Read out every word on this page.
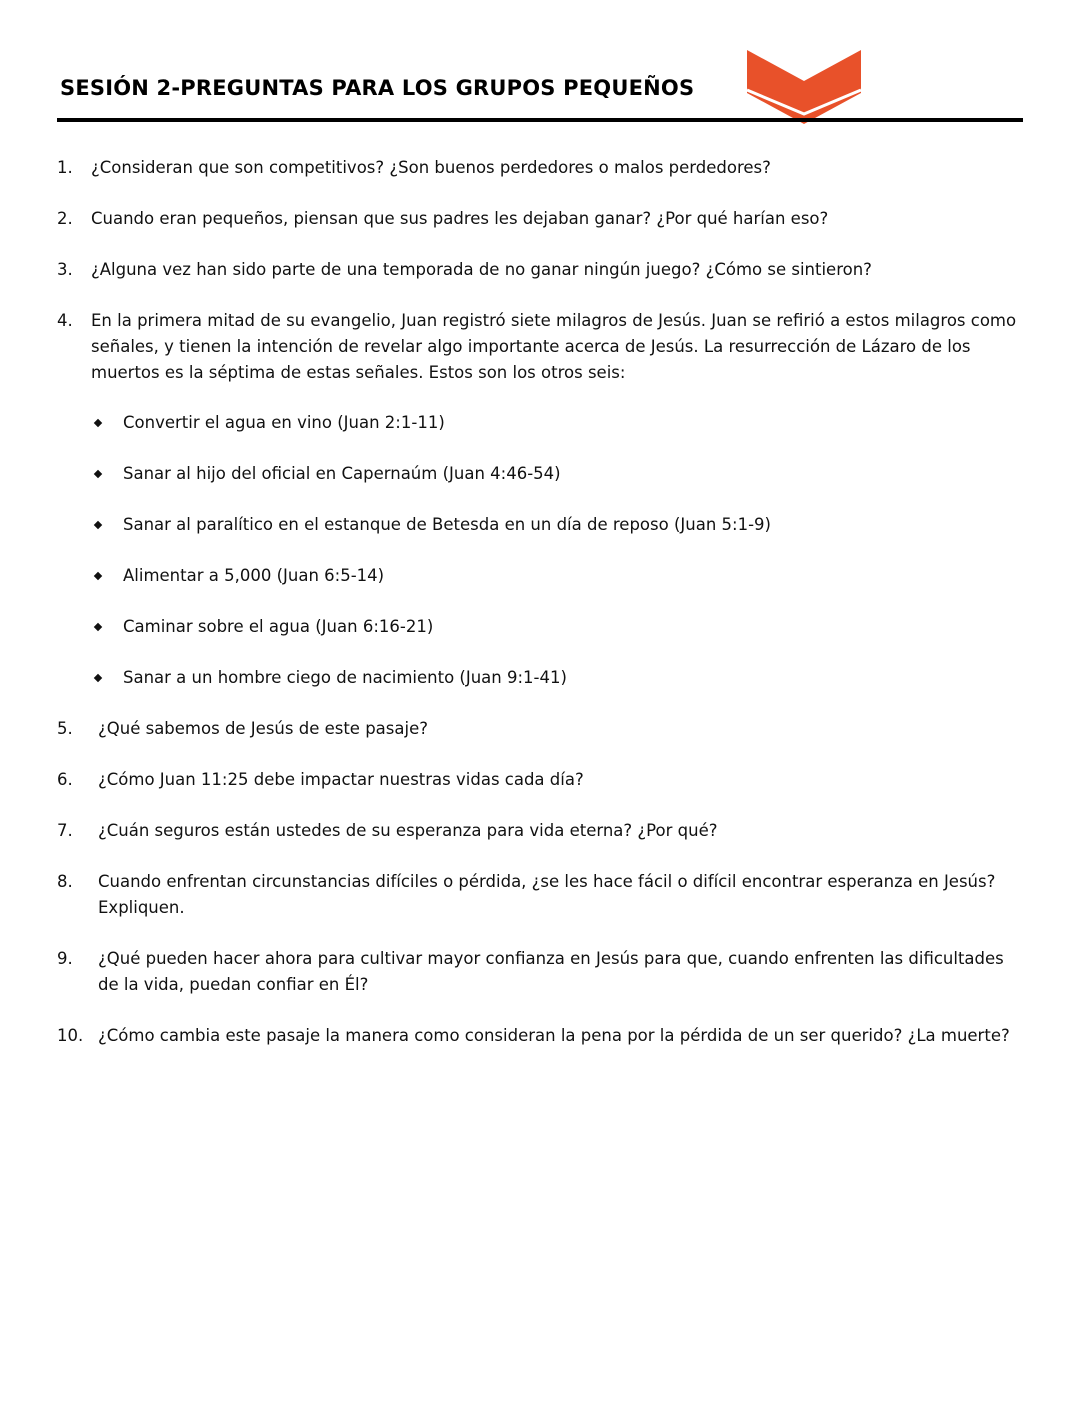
SESIÓN 2-PREGUNTAS PARA LOS GRUPOS PEQUEÑOS
1. ¿Consideran que son competitivos? ¿Son buenos perdedores o malos perdedores?
2. Cuando eran pequeños, piensan que sus padres les dejaban ganar? ¿Por qué harían eso?
3. ¿Alguna vez han sido parte de una temporada de no ganar ningún juego? ¿Cómo se sintieron?
4. En la primera mitad de su evangelio, Juan registró siete milagros de Jesús. Juan se refirió a estos milagros como señales, y tienen la intención de revelar algo importante acerca de Jesús. La resurrección de Lázaro de los muertos es la séptima de estas señales. Estos son los otros seis:
Convertir el agua en vino (Juan 2:1-11)
Sanar al hijo del oficial en Capernaúm (Juan 4:46-54)
Sanar al paralítico en el estanque de Betesda en un día de reposo (Juan 5:1-9)
Alimentar a 5,000 (Juan 6:5-14)
Caminar sobre el agua (Juan 6:16-21)
Sanar a un hombre ciego de nacimiento (Juan 9:1-41)
5. ¿Qué sabemos de Jesús de este pasaje?
6. ¿Cómo Juan 11:25 debe impactar nuestras vidas cada día?
7. ¿Cuán seguros están ustedes de su esperanza para vida eterna? ¿Por qué?
8. Cuando enfrentan circunstancias difíciles o pérdida, ¿se les hace fácil o difícil encontrar esperanza en Jesús? Expliquen.
9. ¿Qué pueden hacer ahora para cultivar mayor confianza en Jesús para que, cuando enfrenten las dificultades de la vida, puedan confiar en Él?
10. ¿Cómo cambia este pasaje la manera como consideran la pena por la pérdida de un ser querido? ¿La muerte?
